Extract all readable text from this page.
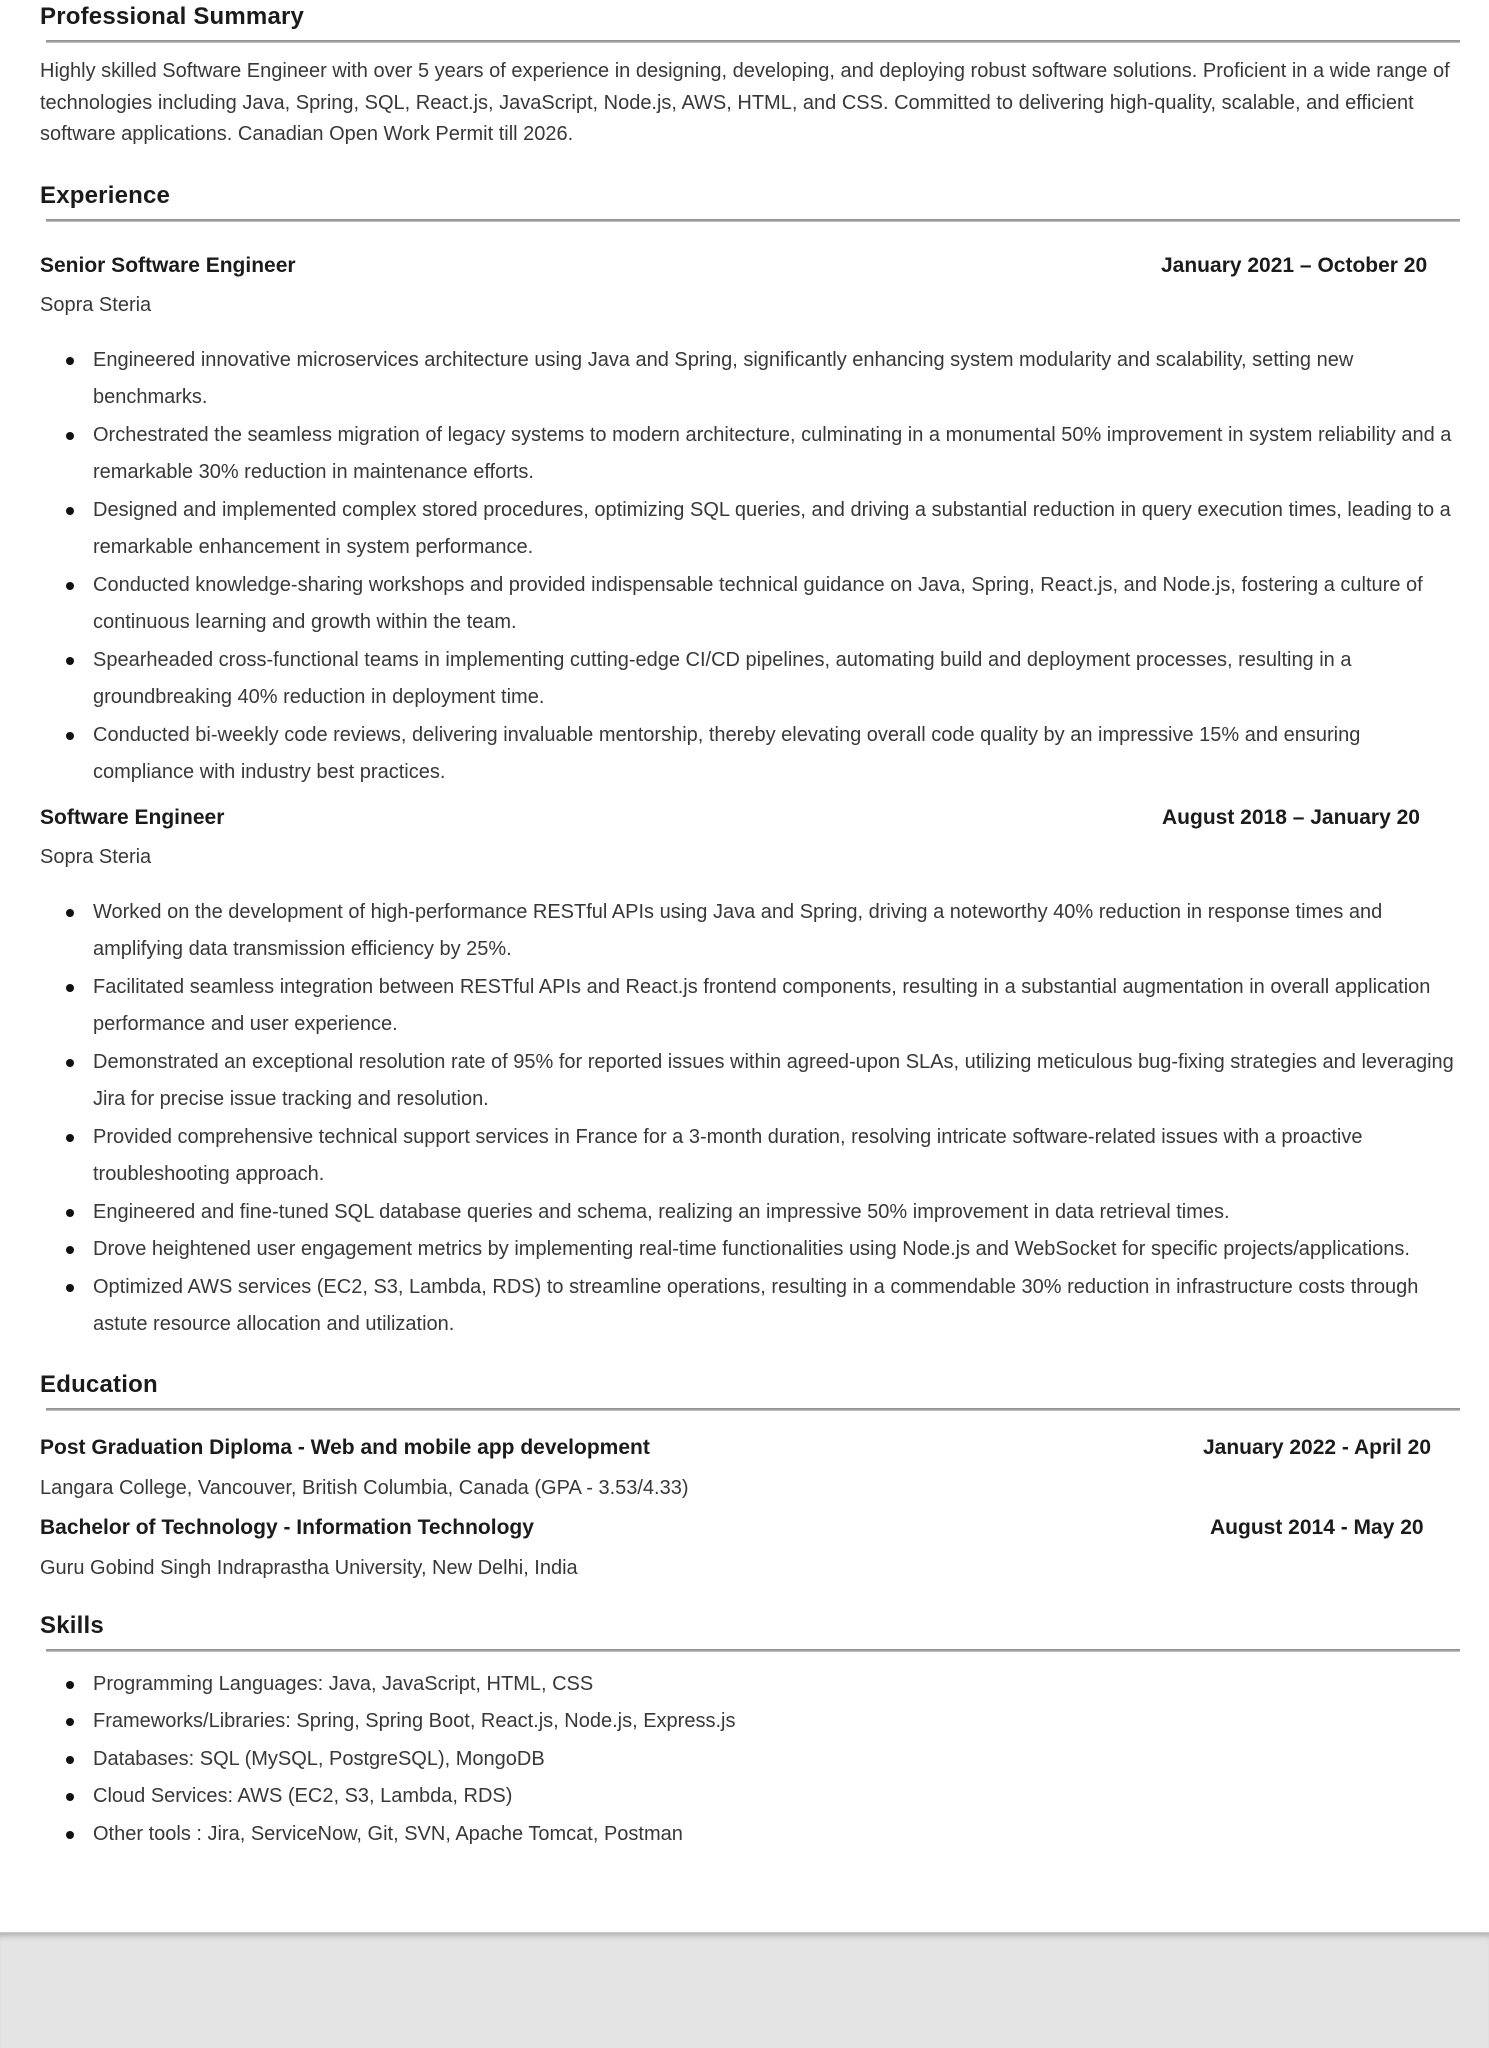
Professional Summary

Highly skilled Software Engineer with over 5 years of experience in designing, developing, and deploying robust software solutions. Proficient in a wide range of technologies including Java, Spring, SQL, React.js, JavaScript, Node.js, AWS, HTML, and CSS. Committed to delivering high-quality, scalable, and efficient software applications. Canadian Open Work Permit till 2026.

Experience
Senior Software Engineer	January 2021 – October 20
Sopra Steria
Engineered innovative microservices architecture using Java and Spring, significantly enhancing system modularity and scalability, setting new benchmarks.
Orchestrated the seamless migration of legacy systems to modern architecture, culminating in a monumental 50% improvement in system reliability and a remarkable 30% reduction in maintenance efforts.
Designed and implemented complex stored procedures, optimizing SQL queries, and driving a substantial reduction in query execution times, leading to a remarkable enhancement in system performance.
Conducted knowledge-sharing workshops and provided indispensable technical guidance on Java, Spring, React.js, and Node.js, fostering a culture of continuous learning and growth within the team.
Spearheaded cross-functional teams in implementing cutting-edge CI/CD pipelines, automating build and deployment processes, resulting in a groundbreaking 40% reduction in deployment time.
Conducted bi-weekly code reviews, delivering invaluable mentorship, thereby elevating overall code quality by an impressive 15% and ensuring compliance with industry best practices.
Software Engineer	August 2018 – January 20
Sopra Steria
Worked on the development of high-performance RESTful APIs using Java and Spring, driving a noteworthy 40% reduction in response times and amplifying data transmission efficiency by 25%.
Facilitated seamless integration between RESTful APIs and React.js frontend components, resulting in a substantial augmentation in overall application performance and user experience.
Demonstrated an exceptional resolution rate of 95% for reported issues within agreed-upon SLAs, utilizing meticulous bug-fixing strategies and leveraging Jira for precise issue tracking and resolution.
Provided comprehensive technical support services in France for a 3-month duration, resolving intricate software-related issues with a proactive troubleshooting approach.
Engineered and fine-tuned SQL database queries and schema, realizing an impressive 50% improvement in data retrieval times.
Drove heightened user engagement metrics by implementing real-time functionalities using Node.js and WebSocket for specific projects/applications.
Optimized AWS services (EC2, S3, Lambda, RDS) to streamline operations, resulting in a commendable 30% reduction in infrastructure costs through astute resource allocation and utilization.
Education
Post Graduation Diploma - Web and mobile app development	January 2022 - April 20
Langara College, Vancouver, British Columbia, Canada (GPA - 3.53/4.33)
Bachelor of Technology - Information Technology	August 2014 - May 20
Guru Gobind Singh Indraprastha University, New Delhi, India
Skills
Programming Languages: Java, JavaScript, HTML, CSS
Frameworks/Libraries: Spring, Spring Boot, React.js, Node.js, Express.js
Databases: SQL (MySQL, PostgreSQL), MongoDB
Cloud Services: AWS (EC2, S3, Lambda, RDS)
Other tools : Jira, ServiceNow, Git, SVN, Apache Tomcat, Postman
